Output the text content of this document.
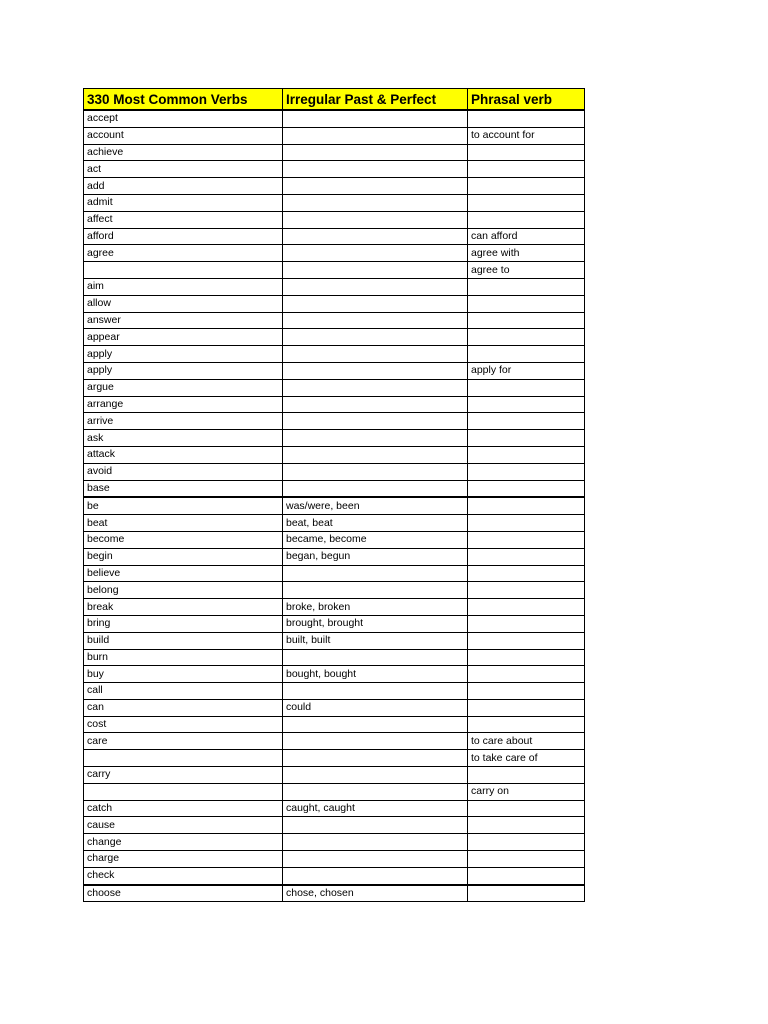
330 Most Common Verbs	Irregular Past & Perfect	Phrasal verb
accept		
account		to account for
achieve		
act		
add		
admit		
affect		
afford		can afford
agree		agree with
		agree to
aim		
allow		
answer		
appear		
apply		
apply		apply for
argue		
arrange		
arrive		
ask		
attack		
avoid		
base		
be	was/were, been	
beat	beat, beat	
become	became, become	
begin	began, begun	
believe		
belong		
break	broke, broken	
bring	brought, brought	
build	built, built	
burn		
buy	bought, bought	
call		
can	could	
cost		
care		to care about
		to take care of
carry		
		carry on
catch	caught, caught	
cause		
change		
charge		
check		
choose	chose, chosen	
